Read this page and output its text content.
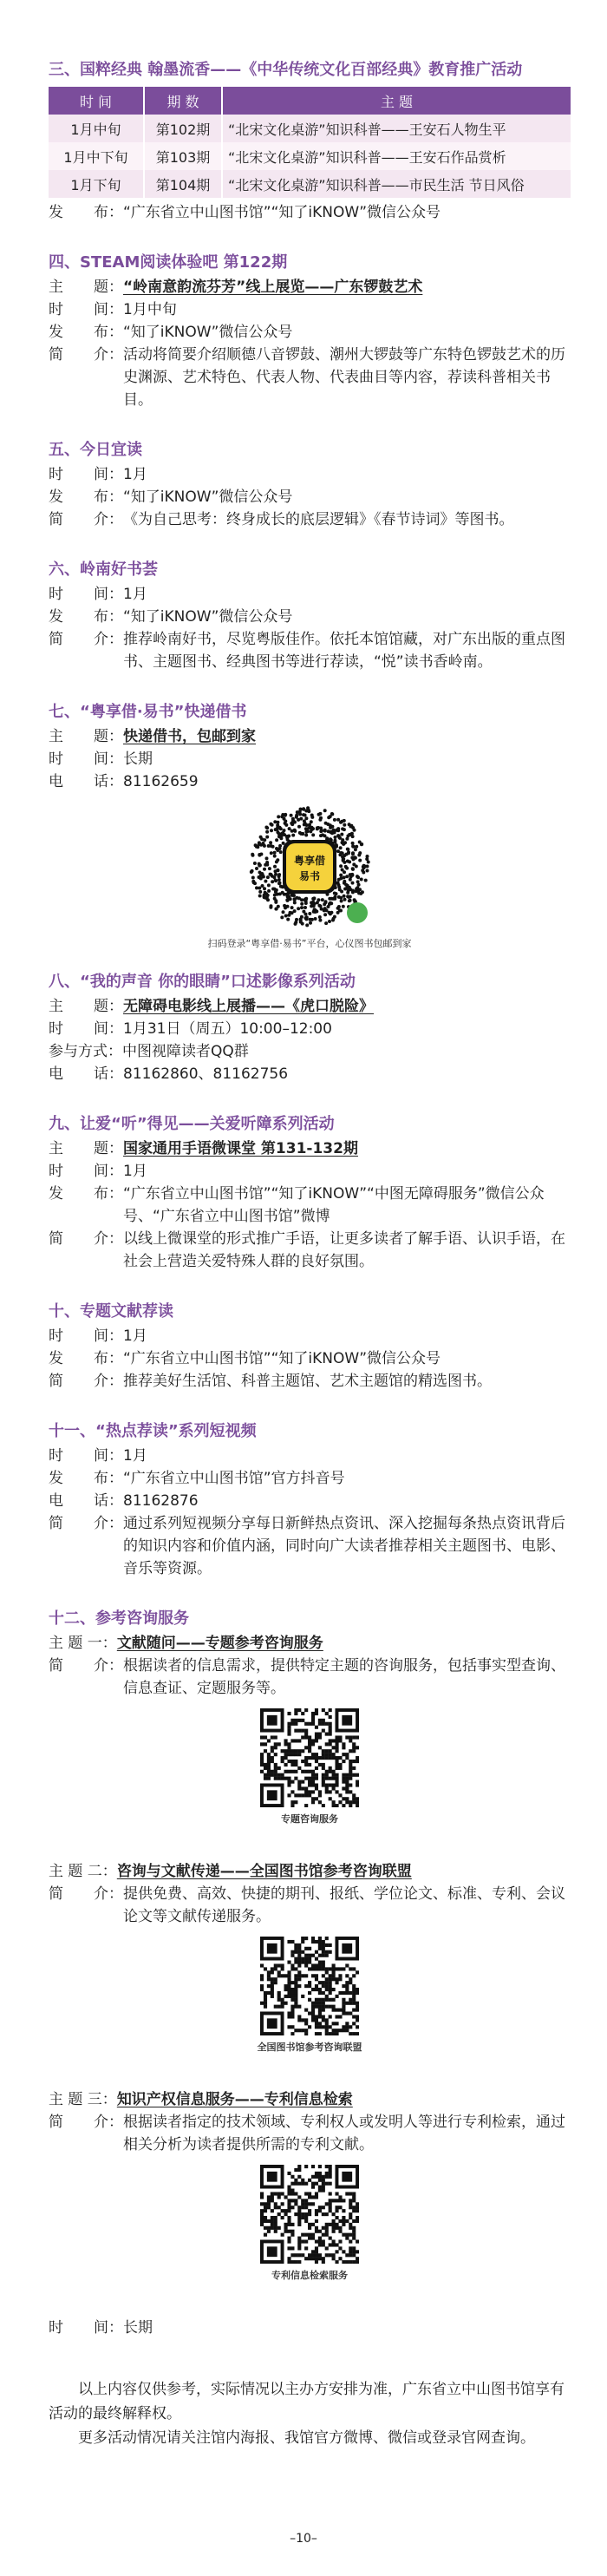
三、国粹经典 翰墨流香——《中华传统文化百部经典》教育推广活动
时 间	期 数	主 题
1月中旬	第102期	“北宋文化桌游”知识科普——王安石人物生平
1月中下旬	第103期	“北宋文化桌游”知识科普——王安石作品赏析
1月下旬	第104期	“北宋文化桌游”知识科普——市民生活 节日风俗
发	布： “广东省立中山图书馆”“知了iKNOW”微信公众号
四、STEAM阅读体验吧 第122期
主	题： “岭南意韵流芬芳”线上展览——广东锣鼓艺术
时	间： 1月中旬
发	布： “知了iKNOW”微信公众号
简	介： 活动将简要介绍顺德八音锣鼓、潮州大锣鼓等广东特色锣鼓艺术的历史渊源、艺术特色、代表人物、代表曲目等内容，荐读科普相关书目。
五、今日宜读
时	间： 1月
发	布： “知了iKNOW”微信公众号
简	介： 《为自己思考：终身成长的底层逻辑》《春节诗词》等图书。
六、岭南好书荟
时	间： 1月
发	布： “知了iKNOW”微信公众号
简	介： 推荐岭南好书，尽览粤版佳作。依托本馆馆藏，对广东出版的重点图书、主题图书、经典图书等进行荐读，“悦”读书香岭南。
七、“粤享借·易书”快递借书
主	题： 快递借书，包邮到家
时	间： 长期
电	话： 81162659
粤享借
易书
扫码登录“粤享借·易书”平台，心仪图书包邮到家
八、“我的声音 你的眼睛”口述影像系列活动
主	题： 无障碍电影线上展播——《虎口脱险》
时	间： 1月31日（周五）10:00–12:00
参与方式： 中图视障读者QQ群
电	话： 81162860、81162756
九、让爱“听”得见——关爱听障系列活动
主	题： 国家通用手语微课堂 第131-132期
时	间： 1月
发	布： “广东省立中山图书馆”“知了iKNOW”“中图无障碍服务”微信公众号、“广东省立中山图书馆”微博
简	介： 以线上微课堂的形式推广手语，让更多读者了解手语、认识手语，在社会上营造关爱特殊人群的良好氛围。
十、专题文献荐读
时	间： 1月
发	布： “广东省立中山图书馆”“知了iKNOW”微信公众号
简	介： 推荐美好生活馆、科普主题馆、艺术主题馆的精选图书。
十一、“热点荐读”系列短视频
时	间： 1月
发	布： “广东省立中山图书馆”官方抖音号
电	话： 81162876
简	介： 通过系列短视频分享每日新鲜热点资讯、深入挖掘每条热点资讯背后的知识内容和价值内涵，同时向广大读者推荐相关主题图书、电影、音乐等资源。
十二、参考咨询服务
主 题 一： 文献随问——专题参考咨询服务
简	介： 根据读者的信息需求，提供特定主题的咨询服务，包括事实型查询、信息查证、定题服务等。
专题咨询服务
主 题 二： 咨询与文献传递——全国图书馆参考咨询联盟
简	介： 提供免费、高效、快捷的期刊、报纸、学位论文、标准、专利、会议论文等文献传递服务。
全国图书馆参考咨询联盟
主 题 三： 知识产权信息服务——专利信息检索
简	介： 根据读者指定的技术领域、专利权人或发明人等进行专利检索，通过相关分析为读者提供所需的专利文献。
专利信息检索服务
时	间： 长期

以上内容仅供参考，实际情况以主办方安排为准，广东省立中山图书馆享有活动的最终解释权。

更多活动情况请关注馆内海报、我馆官方微博、微信或登录官网查询。

–10–
